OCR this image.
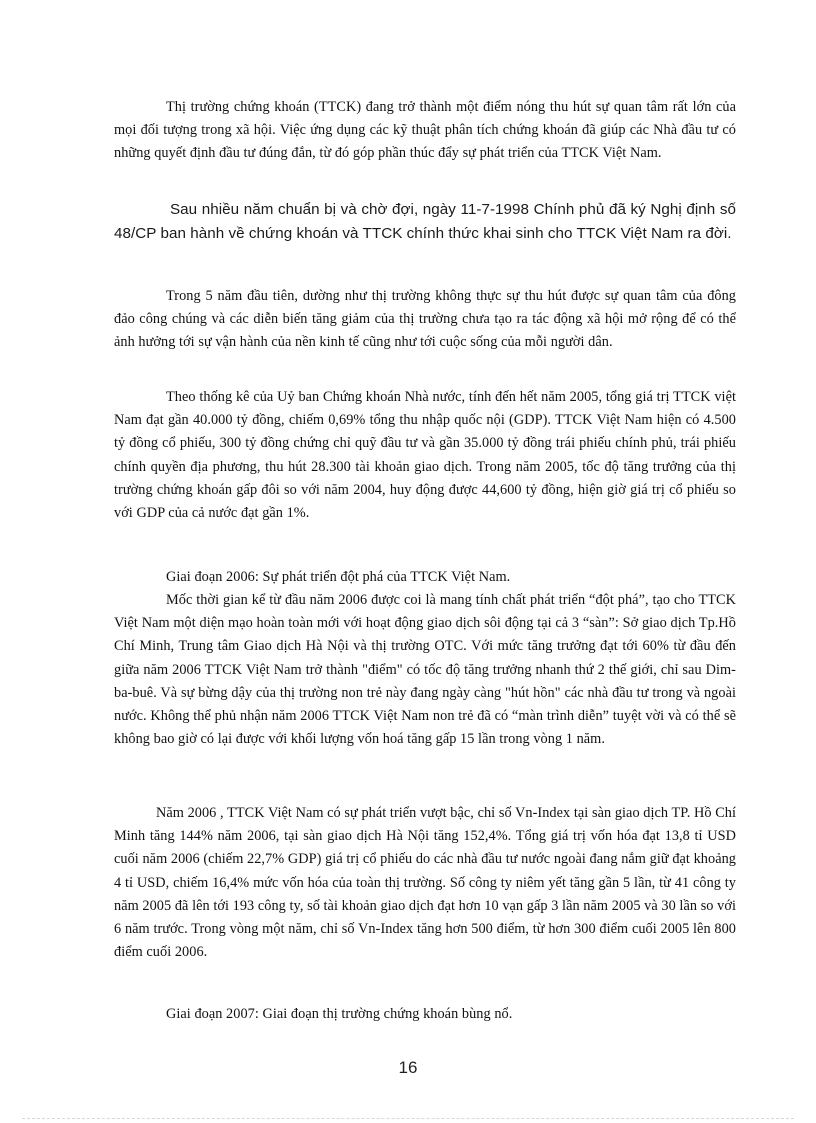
Thị trường chứng khoán (TTCK) đang trở thành một điểm nóng thu hút sự quan tâm rất lớn của mọi đối tượng trong xã hội. Việc ứng dụng các kỹ thuật phân tích chứng khoán đã giúp các Nhà đầu tư có những quyết định đầu tư đúng đắn, từ đó góp phần thúc đẩy sự phát triển của TTCK Việt Nam.

Sau nhiều năm chuẩn bị và chờ đợi, ngày 11-7-1998 Chính phủ đã ký Nghị định số 48/CP ban hành về chứng khoán và TTCK chính thức khai sinh cho TTCK Việt Nam ra đời.

Trong 5 năm đầu tiên, dường như thị trường không thực sự thu hút được sự quan tâm của đông đảo công chúng và các diễn biến tăng giảm của thị trường chưa tạo ra tác động xã hội mở rộng để có thể ảnh hưởng tới sự vận hành của nền kinh tế cũng như tới cuộc sống của mỗi người dân.

Theo thống kê của Uỷ ban Chứng khoán Nhà nước, tính đến hết năm 2005, tổng giá trị TTCK việt Nam đạt gần 40.000 tỷ đồng, chiếm 0,69% tổng thu nhập quốc nội (GDP). TTCK Việt Nam hiện có 4.500 tỷ đồng cổ phiếu, 300 tỷ đồng chứng chỉ quỹ đầu tư và gần 35.000 tỷ đồng trái phiếu chính phủ, trái phiếu chính quyền địa phương, thu hút 28.300 tài khoản giao dịch. Trong năm 2005, tốc độ tăng trưởng của thị trường chứng khoán gấp đôi so với năm 2004, huy động được 44,600 tỷ đồng, hiện giờ giá trị cổ phiếu so với GDP của cả nước đạt gần 1%.

Giai đoạn 2006: Sự phát triển đột phá của TTCK Việt Nam.

Mốc thời gian kể từ đầu năm 2006 được coi là mang tính chất phát triển “đột phá”, tạo cho TTCK Việt Nam một diện mạo hoàn toàn mới với hoạt động giao dịch sôi động tại cả 3 “sàn”: Sở giao dịch Tp.Hồ Chí Minh, Trung tâm Giao dịch Hà Nội và thị trường OTC. Với mức tăng trưởng đạt tới 60% từ đầu đến giữa năm 2006 TTCK Việt Nam trở thành "điểm" có tốc độ tăng trưởng nhanh thứ 2 thế giới, chỉ sau Dim-ba-buê. Và sự bừng dậy của thị trường non trẻ này đang ngày càng "hút hồn" các nhà đầu tư trong và ngoài nước. Không thể phủ nhận năm 2006 TTCK Việt Nam non trẻ đã có “màn trình diễn” tuyệt vời và có thể sẽ không bao giờ có lại được với khối lượng vốn hoá tăng gấp 15 lần trong vòng 1 năm.

Năm 2006 , TTCK Việt Nam có sự phát triển vượt bậc, chỉ số Vn-Index tại sàn giao dịch TP. Hồ Chí Minh tăng 144% năm 2006, tại sàn giao dịch Hà Nội tăng 152,4%. Tổng giá trị vốn hóa đạt 13,8 tỉ USD cuối năm 2006 (chiếm 22,7% GDP) giá trị cổ phiếu do các nhà đầu tư nước ngoài đang nắm giữ đạt khoảng 4 tỉ USD, chiếm 16,4% mức vốn hóa của toàn thị trường. Số công ty niêm yết tăng gần 5 lần, từ 41 công ty năm 2005 đã lên tới 193 công ty, số tài khoản giao dịch đạt hơn 10 vạn gấp 3 lần năm 2005 và 30 lần so với 6 năm trước. Trong vòng một năm, chỉ số Vn-Index tăng hơn 500 điểm, từ hơn 300 điểm cuối 2005 lên 800 điểm cuối 2006.

Giai đoạn 2007: Giai đoạn thị trường chứng khoán bùng nổ.

16
